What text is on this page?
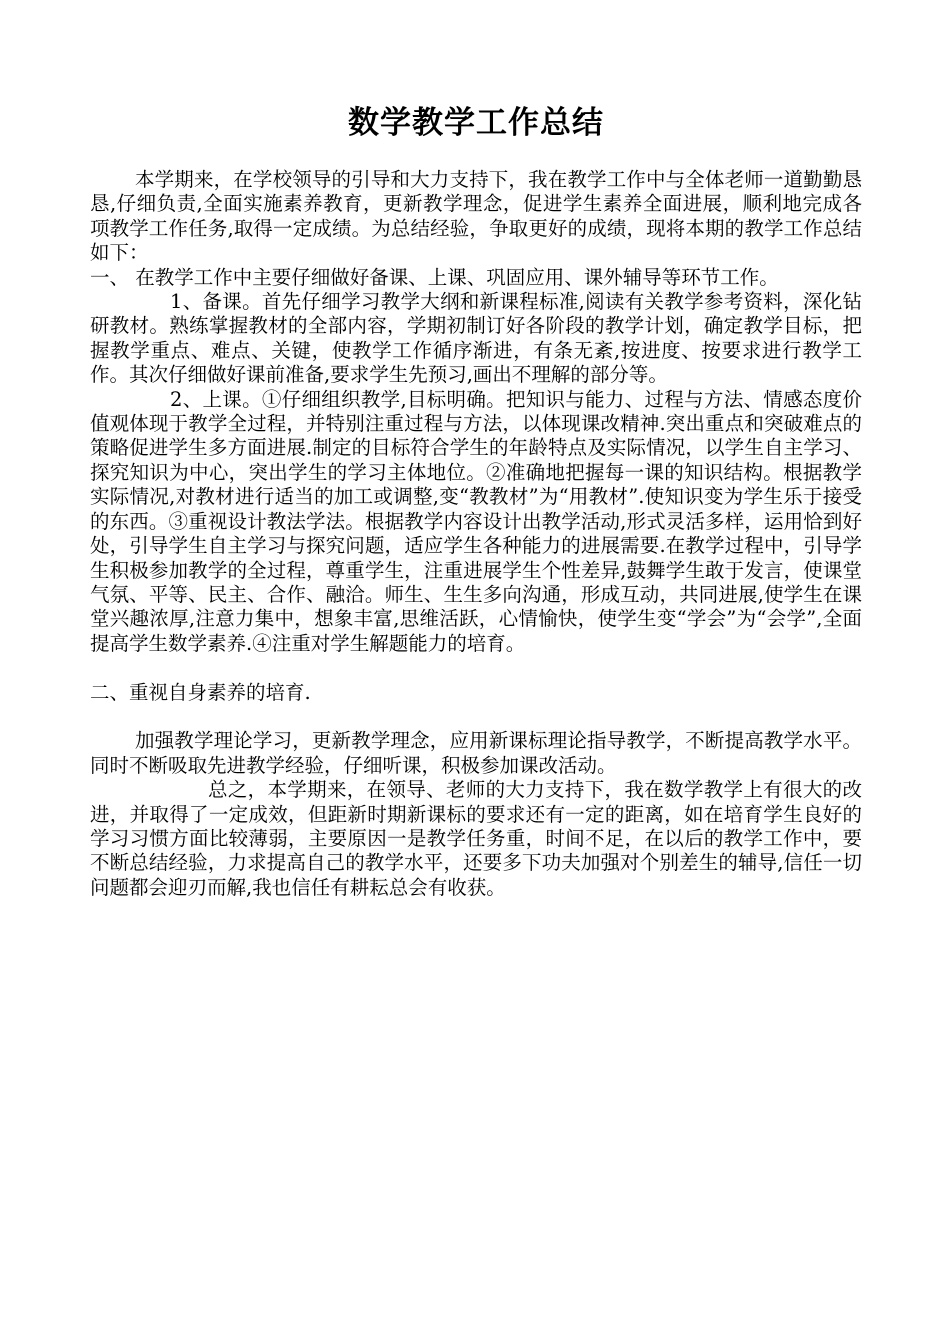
数学教学工作总结

本学期来，在学校领导的引导和大力支持下，我在教学工作中与全体老师一道勤勤恳恳,仔细负责,全面实施素养教育，更新教学理念，促进学生素养全面进展，顺利地完成各项教学工作任务,取得一定成绩。为总结经验，争取更好的成绩，现将本期的教学工作总结如下：

一、 在教学工作中主要仔细做好备课、上课、巩固应用、课外辅导等环节工作。

1、备课。首先仔细学习教学大纲和新课程标准,阅读有关教学参考资料，深化钻研教材。熟练掌握教材的全部内容，学期初制订好各阶段的教学计划，确定教学目标，把握教学重点、难点、关键，使教学工作循序渐进，有条无紊,按进度、按要求进行教学工作。其次仔细做好课前准备,要求学生先预习,画出不理解的部分等。

2、上课。①仔细组织教学,目标明确。把知识与能力、过程与方法、情感态度价值观体现于教学全过程，并特别注重过程与方法，以体现课改精神.突出重点和突破难点的策略促进学生多方面进展.制定的目标符合学生的年龄特点及实际情况，以学生自主学习、探究知识为中心，突出学生的学习主体地位。②准确地把握每一课的知识结构。根据教学实际情况,对教材进行适当的加工或调整,变“教教材”为“用教材”.使知识变为学生乐于接受的东西。③重视设计教法学法。根据教学内容设计出教学活动,形式灵活多样，运用恰到好处，引导学生自主学习与探究问题，适应学生各种能力的进展需要.在教学过程中，引导学生积极参加教学的全过程，尊重学生，注重进展学生个性差异,鼓舞学生敢于发言，使课堂气氛、平等、民主、合作、融洽。师生、生生多向沟通，形成互动，共同进展,使学生在课堂兴趣浓厚,注意力集中，想象丰富,思维活跃，心情愉快，使学生变“学会”为“会学”,全面提高学生数学素养.④注重对学生解题能力的培育。

二、重视自身素养的培育.

加强教学理论学习，更新教学理念，应用新课标理论指导教学，不断提高教学水平。同时不断吸取先进教学经验，仔细听课，积极参加课改活动。

总之，本学期来，在领导、老师的大力支持下，我在数学教学上有很大的改进，并取得了一定成效，但距新时期新课标的要求还有一定的距离，如在培育学生良好的学习习惯方面比较薄弱，主要原因一是教学任务重，时间不足，在以后的教学工作中，要不断总结经验，力求提高自己的教学水平，还要多下功夫加强对个别差生的辅导,信任一切问题都会迎刃而解,我也信任有耕耘总会有收获。
